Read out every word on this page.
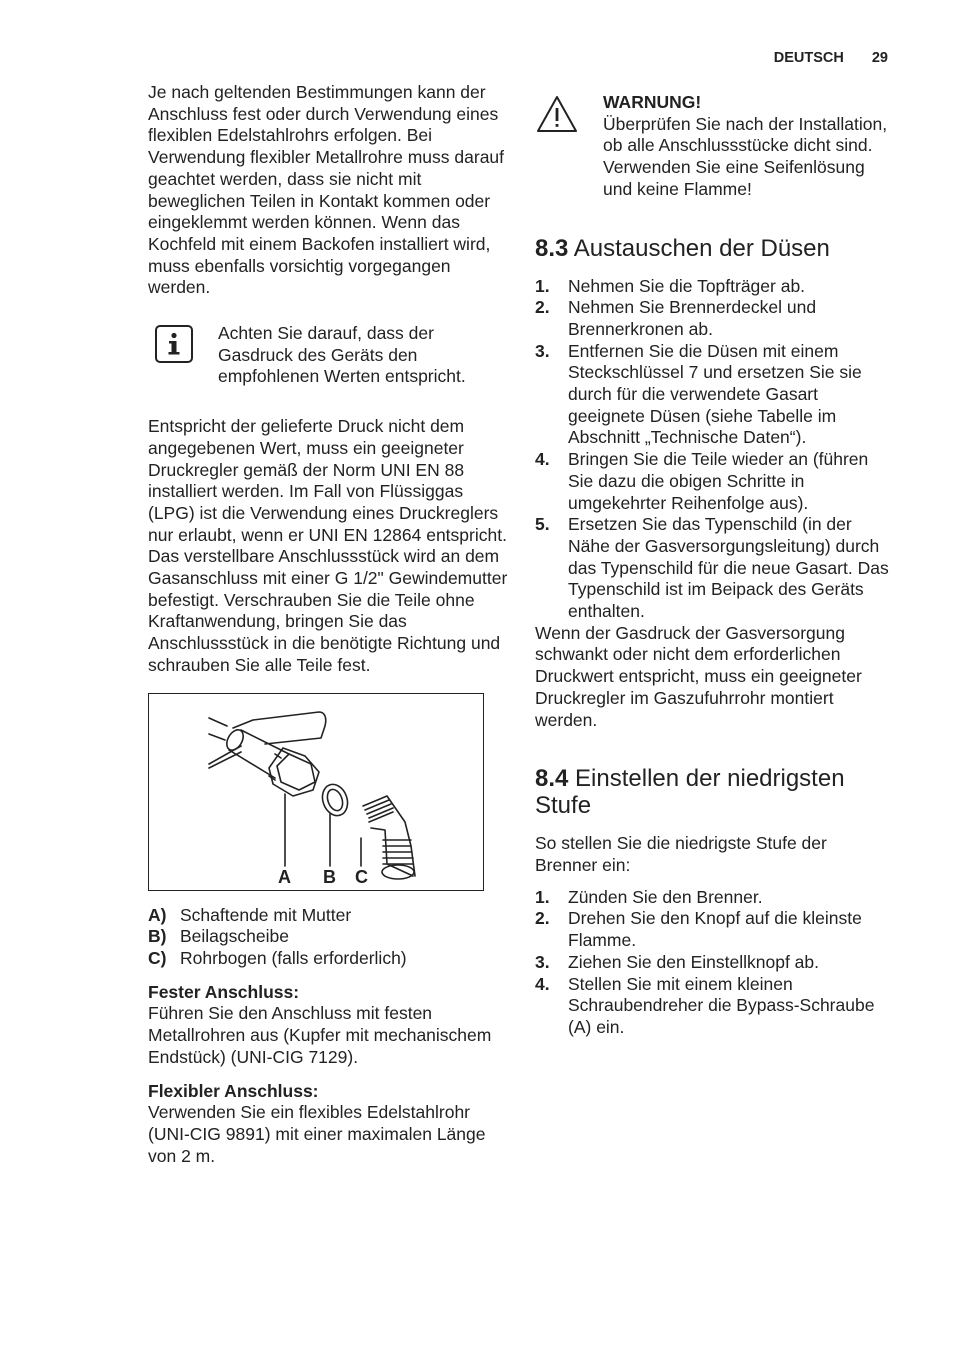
DEUTSCH 29

Je nach geltenden Bestimmungen kann der Anschluss fest oder durch Verwendung eines flexiblen Edelstahlrohrs erfolgen. Bei Verwendung flexibler Metallrohre muss darauf geachtet werden, dass sie nicht mit beweglichen Teilen in Kontakt kommen oder eingeklemmt werden können. Wenn das Kochfeld mit einem Backofen installiert wird, muss ebenfalls vorsichtig vorgegangen werden.

Achten Sie darauf, dass der Gasdruck des Geräts den empfohlenen Werten entspricht.

Entspricht der gelieferte Druck nicht dem angegebenen Wert, muss ein geeigneter Druckregler gemäß der Norm UNI EN 88 installiert werden. Im Fall von Flüssiggas (LPG) ist die Verwendung eines Druckreglers nur erlaubt, wenn er UNI EN 12864 entspricht. Das verstellbare Anschlussstück wird an dem Gasanschluss mit einer G 1/2" Gewindemutter befestigt. Verschrauben Sie die Teile ohne Kraftanwendung, bringen Sie das Anschlussstück in die benötigte Richtung und schrauben Sie alle Teile fest.

A B C
A) Schaftende mit Mutter
B) Beilagscheibe
C) Rohrbogen (falls erforderlich)

Fester Anschluss:

Führen Sie den Anschluss mit festen Metallrohren aus (Kupfer mit mechanischem Endstück) (UNI-CIG 7129).

Flexibler Anschluss:

Verwenden Sie ein flexibles Edelstahlrohr (UNI-CIG 9891) mit einer maximalen Länge von 2 m.

WARNUNG!

Überprüfen Sie nach der Installation, ob alle Anschlussstücke dicht sind. Verwenden Sie eine Seifenlösung und keine Flamme!

8.3 Austauschen der Düsen
1.	Nehmen Sie die Topfträger ab.
2.	Nehmen Sie Brennerdeckel und Brennerkronen ab.
3.	Entfernen Sie die Düsen mit einem Steckschlüssel 7 und ersetzen Sie sie durch für die verwendete Gasart geeignete Düsen (siehe Tabelle im Abschnitt „Technische Daten“).
4.	Bringen Sie die Teile wieder an (führen Sie dazu die obigen Schritte in umgekehrter Reihenfolge aus).
5.	Ersetzen Sie das Typenschild (in der Nähe der Gasversorgungsleitung) durch das Typenschild für die neue Gasart. Das Typenschild ist im Beipack des Geräts enthalten.

Wenn der Gasdruck der Gasversorgung schwankt oder nicht dem erforderlichen Druckwert entspricht, muss ein geeigneter Druckregler im Gaszufuhrrohr montiert werden.

8.4 Einstellen der niedrigsten Stufe

So stellen Sie die niedrigste Stufe der Brenner ein:

1.	Zünden Sie den Brenner.
2.	Drehen Sie den Knopf auf die kleinste Flamme.
3.	Ziehen Sie den Einstellknopf ab.
4.	Stellen Sie mit einem kleinen Schraubendreher die Bypass-Schraube (A) ein.
